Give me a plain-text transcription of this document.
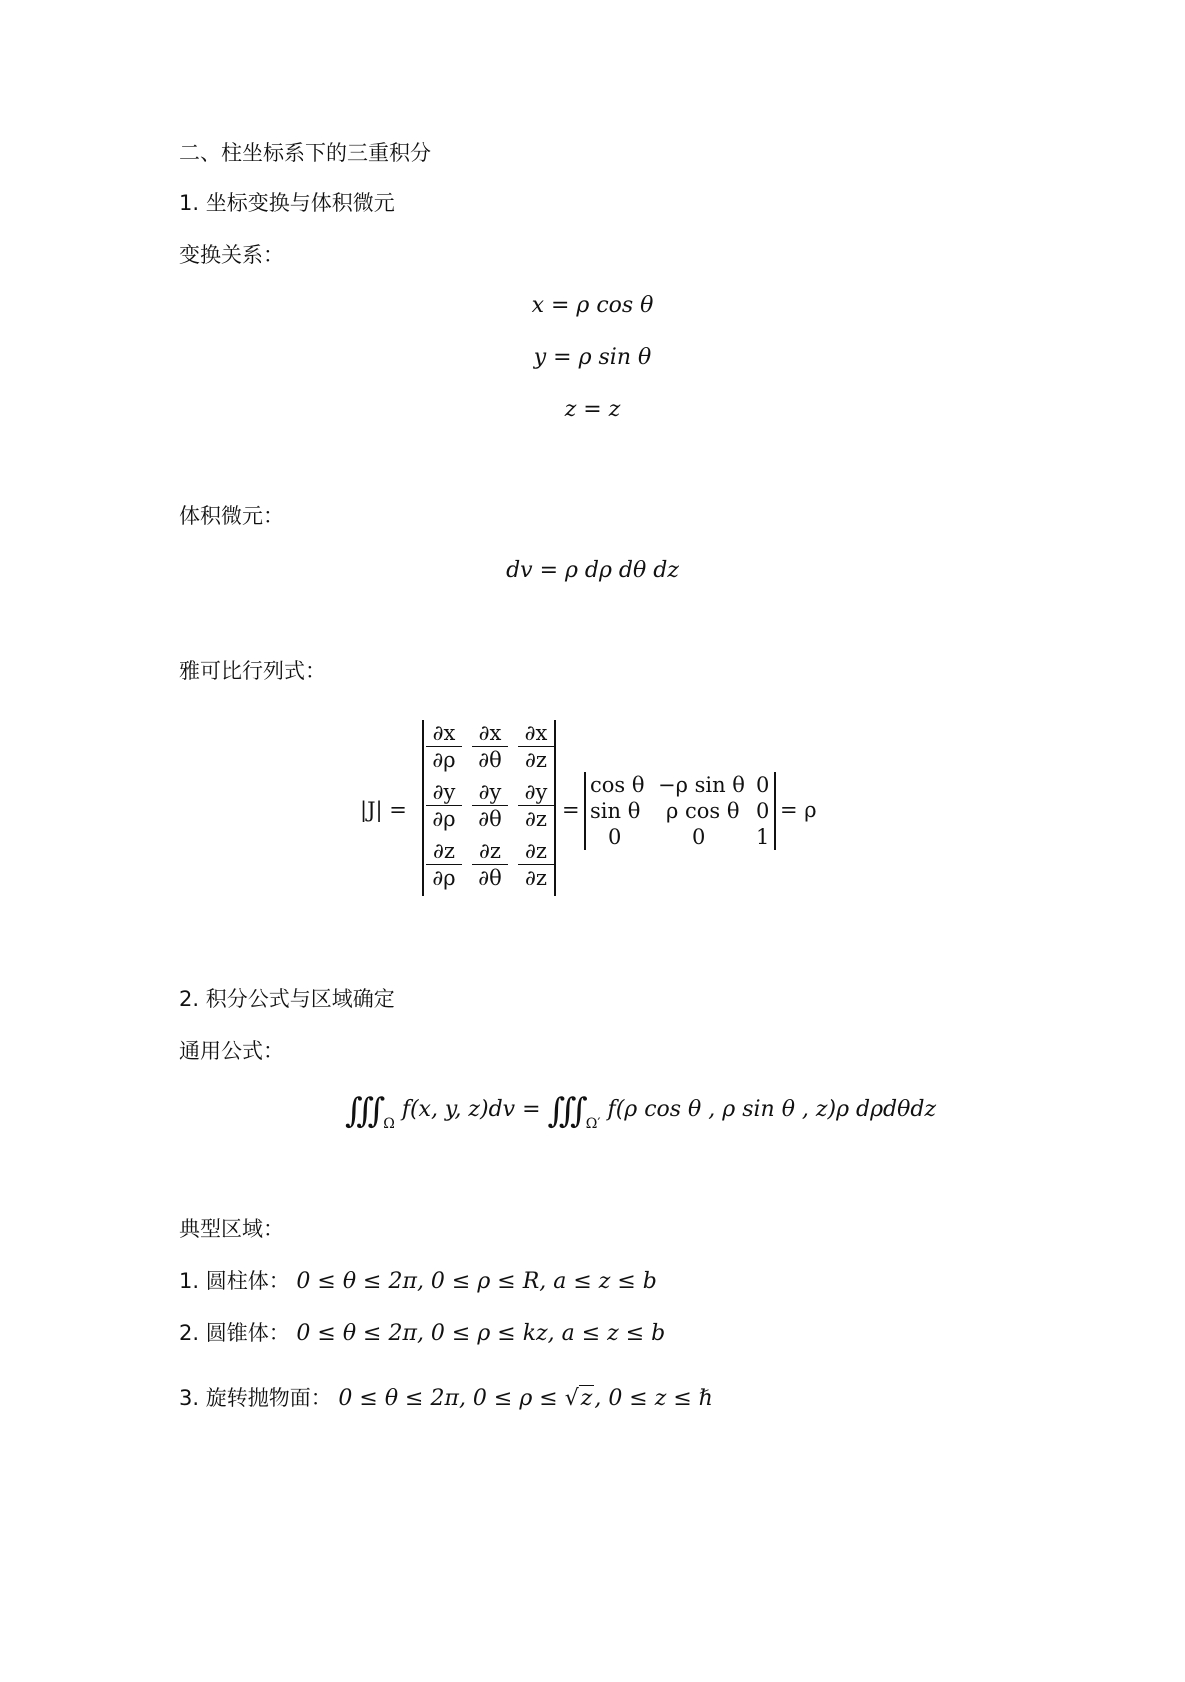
二、柱坐标系下的三重积分
1. 坐标变换与体积微元
变换关系：
x = ρ cos θ
y = ρ sin θ
z = z
体积微元：
dv = ρ dρ dθ dz
雅可比行列式：
|J| =
$\frac{\partial x}{\partial\rho} \frac{\partial x}{\partial\theta} \frac{\partial x}{\partial z}$
$\frac{\partial y}{\partial\rho} \frac{\partial y}{\partial\theta} \frac{\partial y}{\partial z}$
$\frac{\partial z}{\partial\rho} \frac{\partial z}{\partial\theta} \frac{\partial z}{\partial z}$
=
cos θ −ρ sin θ 0
sin θ ρ cos θ 0
0	0 1
= ρ
2. 积分公式与区域确定
通用公式：
∭ $_\Omega$ f(x, y, z)dv = ∭ $_{\Omega'}$ f(ρ cos θ , ρ sin θ , z)ρ dρdθdz
典型区域：
1. 圆柱体： 0 ≤ θ ≤ 2π, 0 ≤ ρ ≤ R, a ≤ z ≤ b
2. 圆锥体： 0 ≤ θ ≤ 2π, 0 ≤ ρ ≤ kz, a ≤ z ≤ b
3. 旋转抛物面： 0 ≤ θ ≤ 2π, 0 ≤ ρ ≤ √z, 0 ≤ z ≤ ℏ
